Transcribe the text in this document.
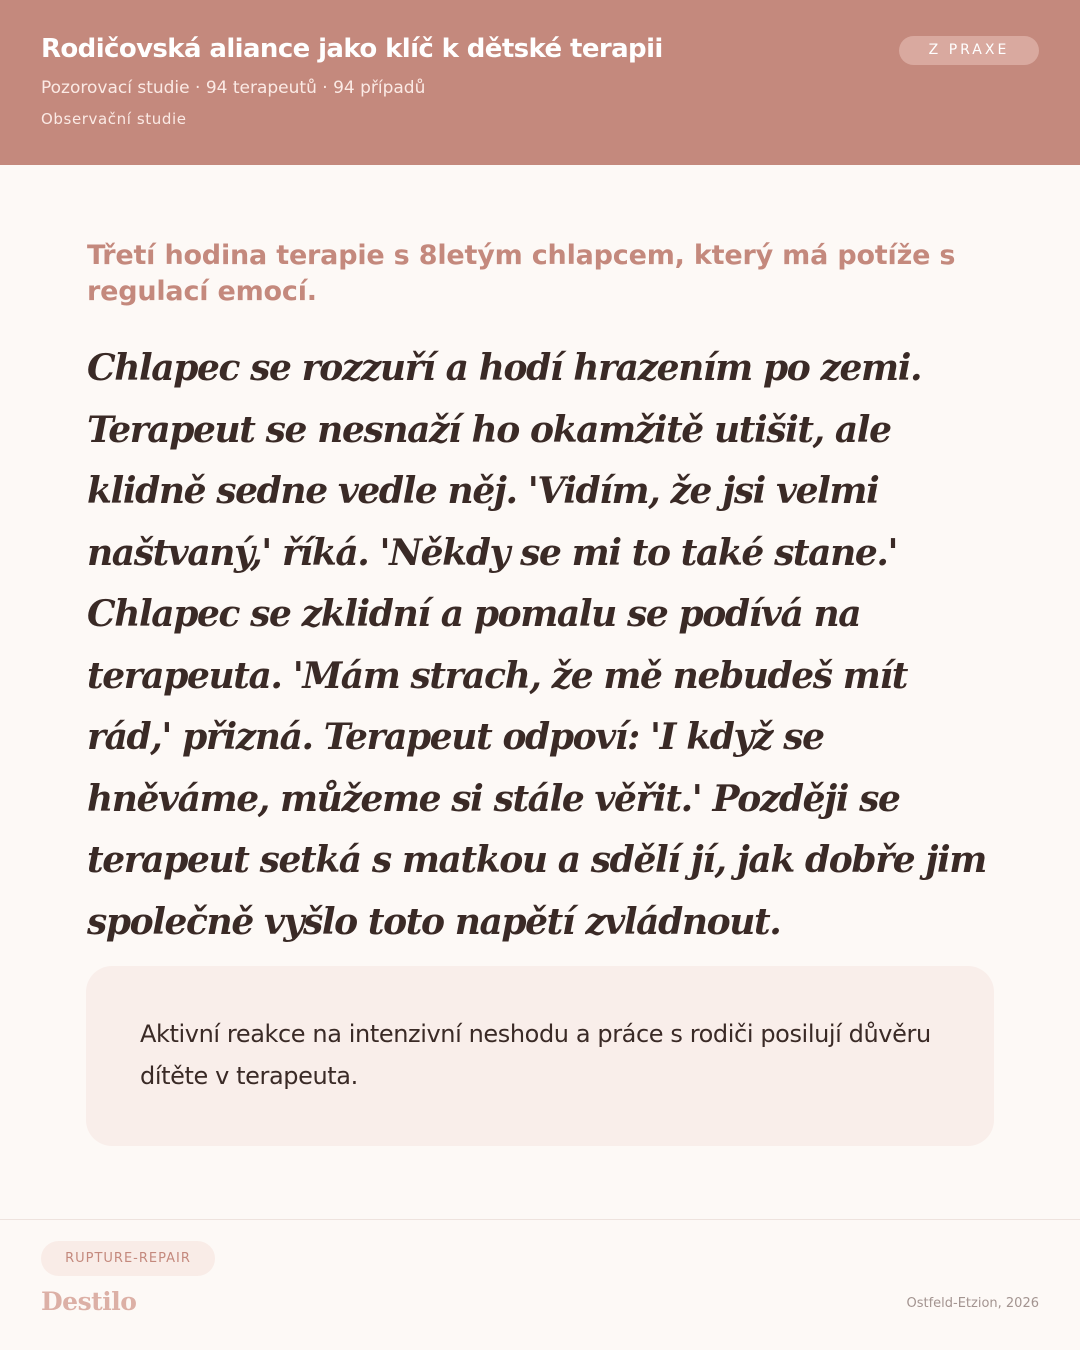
Rodičovská aliance jako klíč k dětské terapii
Pozorovací studie · 94 terapeutů · 94 případů
Observační studie
Z PRAXE

Třetí hodina terapie s 8letým chlapcem, který má potíže s regulací emocí.

Chlapec se rozzuří a hodí hrazením po zemi. Terapeut se nesnaží ho okamžitě utišit, ale klidně sedne vedle něj. 'Vidím, že jsi velmi naštvaný,' říká. 'Někdy se mi to také stane.' Chlapec se zklidní a pomalu se podívá na terapeuta. 'Mám strach, že mě nebudeš mít rád,' přizná. Terapeut odpoví: 'I když se hněváme, můžeme si stále věřit.' Později se terapeut setká s matkou a sdělí jí, jak dobře jim společně vyšlo toto napětí zvládnout.

Aktivní reakce na intenzivní neshodu a práce s rodiči posilují důvěru dítěte v terapeuta.

RUPTURE-REPAIR
Destilo	Ostfeld-Etzion, 2026
